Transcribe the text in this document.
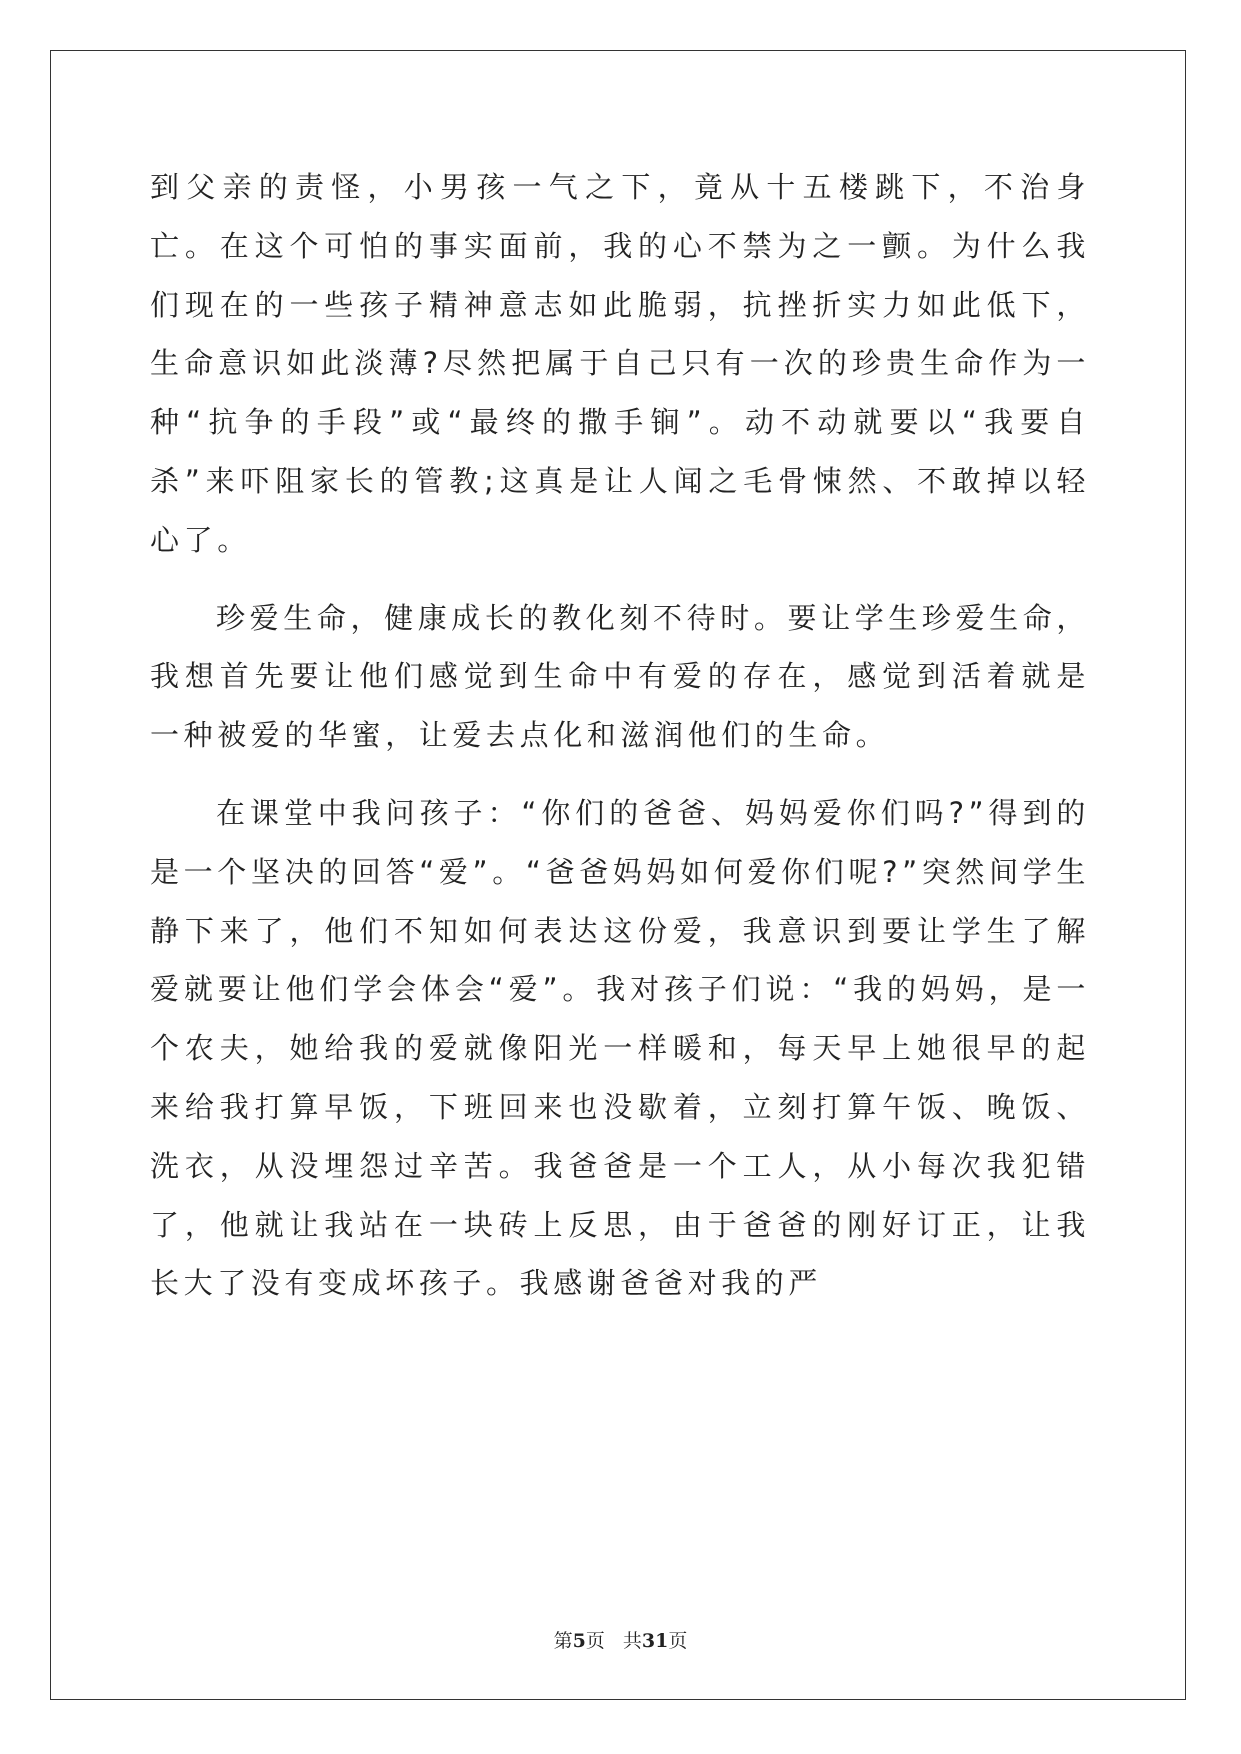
到父亲的责怪，小男孩一气之下，竟从十五楼跳下，不治身亡。在这个可怕的事实面前，我的心不禁为之一颤。为什么我们现在的一些孩子精神意志如此脆弱，抗挫折实力如此低下，生命意识如此淡薄?尽然把属于自己只有一次的珍贵生命作为一种“抗争的手段”或“最终的撒手锏”。动不动就要以“我要自杀”来吓阻家长的管教;这真是让人闻之毛骨悚然、不敢掉以轻心了。

珍爱生命，健康成长的教化刻不待时。要让学生珍爱生命，我想首先要让他们感觉到生命中有爱的存在，感觉到活着就是一种被爱的华蜜，让爱去点化和滋润他们的生命。

在课堂中我问孩子：“你们的爸爸、妈妈爱你们吗?”得到的是一个坚决的回答“爱”。“爸爸妈妈如何爱你们呢?”突然间学生静下来了，他们不知如何表达这份爱，我意识到要让学生了解爱就要让他们学会体会“爱”。我对孩子们说：“我的妈妈，是一个农夫，她给我的爱就像阳光一样暖和，每天早上她很早的起来给我打算早饭，下班回来也没歇着，立刻打算午饭、晚饭、洗衣，从没埋怨过辛苦。我爸爸是一个工人，从小每次我犯错了，他就让我站在一块砖上反思，由于爸爸的刚好订正，让我长大了没有变成坏孩子。我感谢爸爸对我的严

第5页 共31页
